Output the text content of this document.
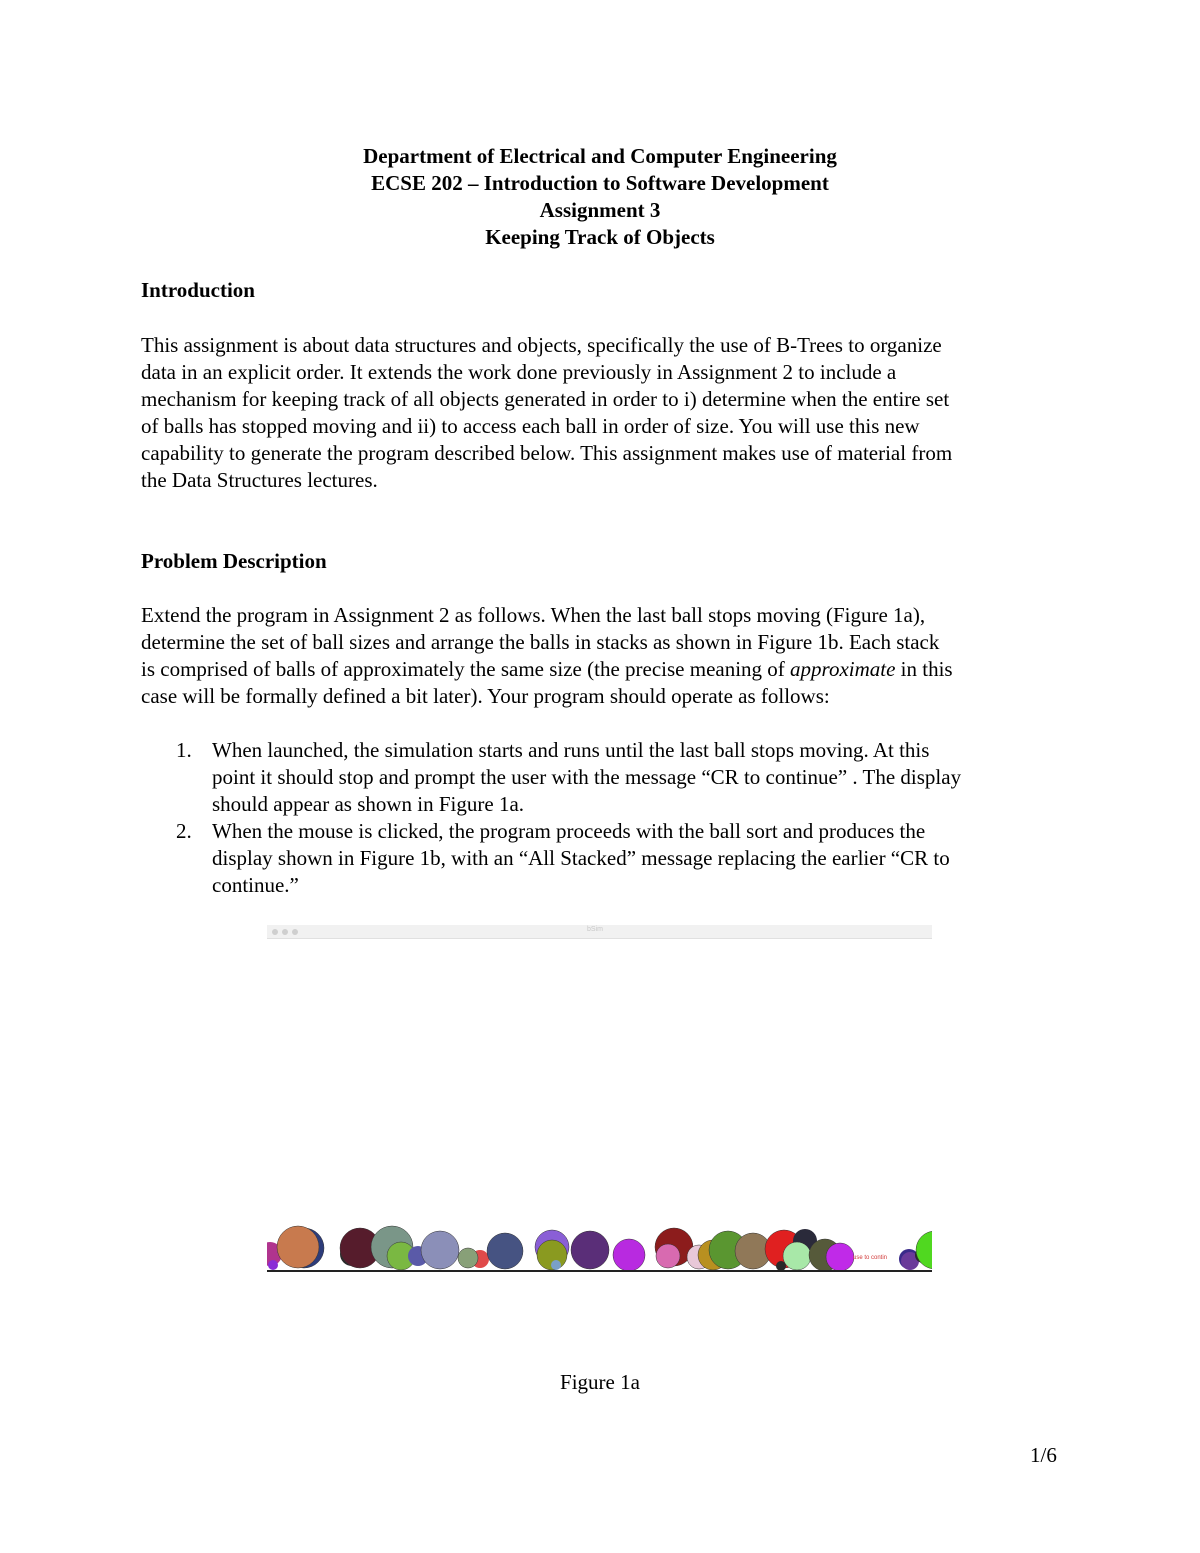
Department of Electrical and Computer Engineering
ECSE 202 – Introduction to Software Development
Assignment 3
Keeping Track of Objects
Introduction
This assignment is about data structures and objects, specifically the use of B-Trees to organize
data in an explicit order. It extends the work done previously in Assignment 2 to include a
mechanism for keeping track of all objects generated in order to i) determine when the entire set
of balls has stopped moving and ii) to access each ball in order of size. You will use this new
capability to generate the program described below. This assignment makes use of material from
the Data Structures lectures.
Problem Description
Extend the program in Assignment 2 as follows. When the last ball stops moving (Figure 1a),
determine the set of ball sizes and arrange the balls in stacks as shown in Figure 1b. Each stack
is comprised of balls of approximately the same size (the precise meaning of approximate in this
case will be formally defined a bit later). Your program should operate as follows:
1. When launched, the simulation starts and runs until the last ball stops moving. At this
point it should stop and prompt the user with the message “CR to continue” . The display
should appear as shown in Figure 1a.
2. When the mouse is clicked, the program proceeds with the ball sort and produces the
display shown in Figure 1b, with an “All Stacked” message replacing the earlier “CR to
continue.”
bSim
use to contin
Figure 1a
1/6
